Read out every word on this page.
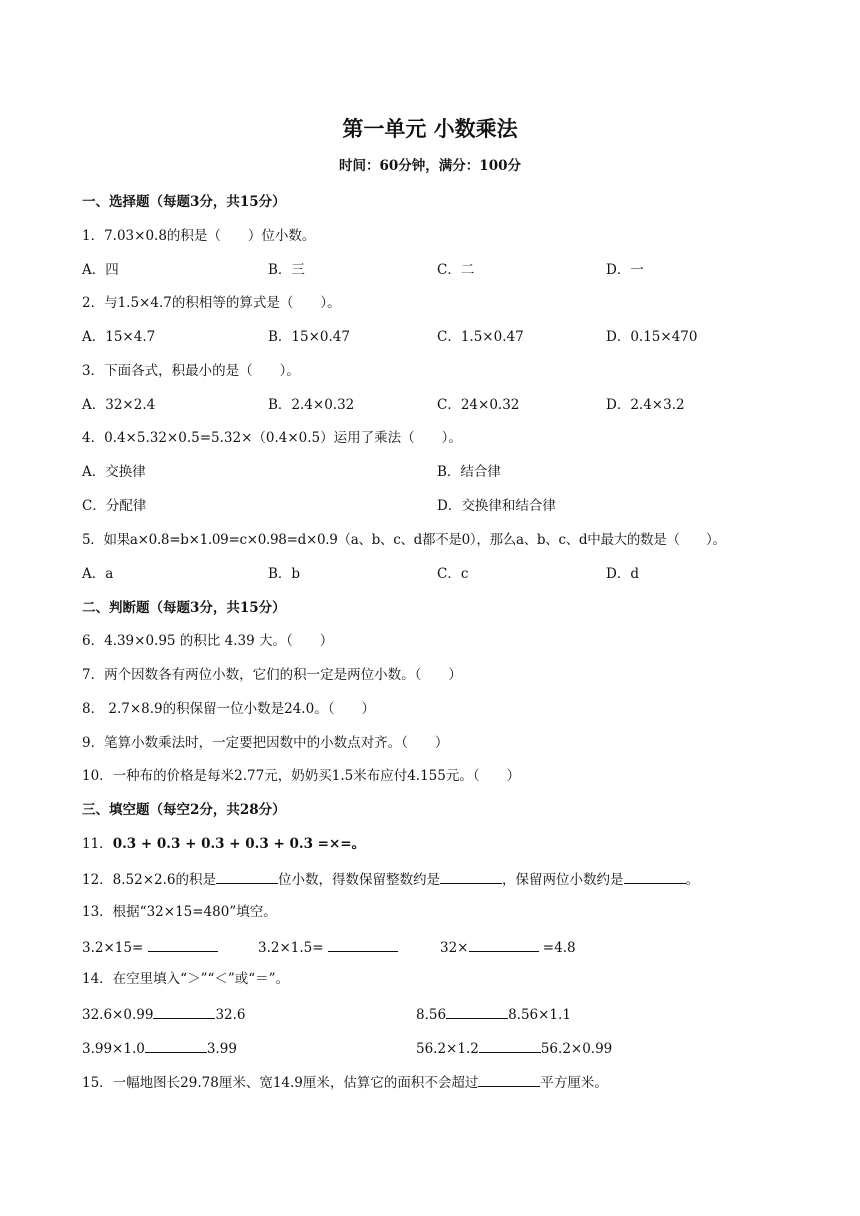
第一单元 小数乘法
时间：60分钟，满分：100分
一、选择题（每题3分，共15分）
1．7.03×0.8的积是（　　）位小数。
A．四	B．三	C．二	D．一
2．与1.5×4.7的积相等的算式是（　　）。
A．15×4.7	B．15×0.47	C．1.5×0.47	D．0.15×470
3．下面各式，积最小的是（　　）。
A．32×2.4	B．2.4×0.32	C．24×0.32	D．2.4×3.2
4．0.4×5.32×0.5=5.32×（0.4×0.5）运用了乘法（　　）。
A．交换律	B．结合律
C．分配律	D．交换律和结合律
5．如果a×0.8=b×1.09=c×0.98=d×0.9（a、b、c、d都不是0），那么a、b、c、d中最大的数是（　　）。
A．a	B．b	C．c	D．d
二、判断题（每题3分，共15分）
6．4.39×0.95 的积比 4.39 大。（　　）
7．两个因数各有两位小数，它们的积一定是两位小数。（　　）
8． 2.7×8.9的积保留一位小数是24.0。（　　）
9．笔算小数乘法时，一定要把因数中的小数点对齐。（　　）
10．一种布的价格是每米2.77元，奶奶买1.5米布应付4.155元。（　　）
三、填空题（每空2分，共28分）
11．0.3 + 0.3 + 0.3 + 0.3 + 0.3 =×=。
12．8.52×2.6的积是	位小数，得数保留整数约是	，保留两位小数约是	。
13．根据“32×15=480”填空。
3.2×15=	3.2×1.5=	32×	=4.8
14．在空里填入“＞”“＜”或“＝”。
32.6×0.99	32.6	8.56	8.56×1.1
3.99×1.0	3.99	56.2×1.2	56.2×0.99
15．一幅地图长29.78厘米、宽14.9厘米，估算它的面积不会超过	平方厘米。
